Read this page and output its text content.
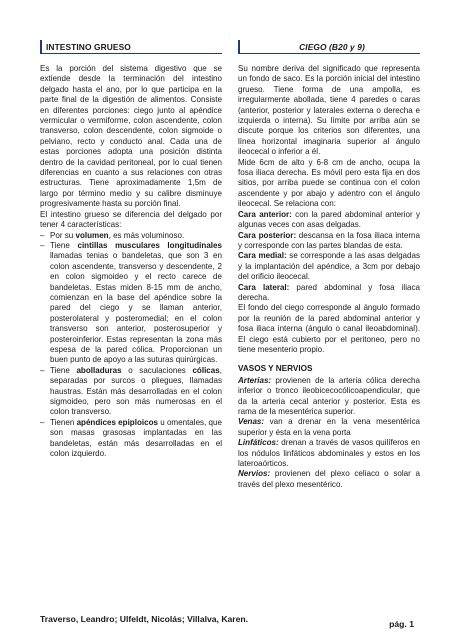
INTESTINO GRUESO

Es la porción del sistema digestivo que se extiende desde la terminación del intestino delgado hasta el ano, por lo que participa en la parte final de la digestión de alimentos. Consiste en diferentes porciones: ciego junto al apéndice vermicular o vermiforme, colon ascendente, colon transverso, colon descendente, colon sigmoide o pelviano, recto y conducto anal. Cada una de estas porciones adopta una posición distinta dentro de la cavidad peritoneal, por lo cual tienen diferencias en cuanto a sus relaciones con otras estructuras. Tiene aproximadamente 1,5m de largo por término medio y su calibre disminuye progresivamente hasta su porción final.

El intestino grueso se diferencia del delgado por tener 4 características:

– Por su volumen, es más voluminoso.
– Tiene cintillas musculares longitudinales llamadas tenias o bandeletas, que son 3 en colon ascendente, transverso y descendente, 2 en colon sigmoideo y el recto carece de bandeletas. Estas miden 8-15 mm de ancho, comienzan en la base del apéndice sobre la pared del ciego y se llaman anterior, posterolateral y posteromedial; en el colon transverso son anterior, posterosuperior y posteroinferior. Estas representan la zona más espesa de la pared cólica. Proporcionan un buen punto de apoyo a las suturas quirúrgicas.
– Tiene abolladuras o saculaciones cólicas, separadas por surcos o pliegues, llamadas haustras. Están más desarrolladas en el colon sigmoideo, pero son más numerosas en el colon transverso.
– Tienen apéndices epiploicos u omentales, que son masas grasosas implantadas en las bandeletas, están más desarrolladas en el colon izquierdo.
CIEGO (B20 y 9)

Su nombre deriva del significado que representa un fondo de saco. Es la porción inicial del intestino grueso. Tiene forma de una ampolla, es irregularmente abollada, tiene 4 paredes o caras (anterior, posterior y laterales externa o derecha e izquierda o interna). Su límite por arriba aún se discute porque los criterios son diferentes, una línea horizontal imaginaria superior al ángulo ileocecal o inferior a él.

Mide 6cm de alto y 6-8 cm de ancho, ocupa la fosa iliaca derecha. Es móvil pero esta fija en dos sitios, por arriba puede se continua con el colon ascendente y por abajo y adentro con el ángulo ileocecal. Se relaciona con:

Cara anterior: con la pared abdominal anterior y algunas veces con asas delgadas.

Cara posterior: descansa en la fosa iliaca interna y corresponde con las partes blandas de esta.

Cara medial: se corresponde a las asas delgadas y la implantación del apéndice, a 3cm por debajo del orificio ileocecal.

Cara lateral: pared abdominal y fosa iliaca derecha.

El fondo del ciego corresponde al ángulo formado por la reunión de la pared abdominal anterior y fosa iliaca interna (ángulo o canal ileoabdominal). El ciego está cubierto por el peritoneo, pero no tiene mesenterio propio.

VASOS Y NERVIOS

Arterias: provienen de la arteria cólica derecha inferior o tronco ileobicecocólicoapendicular, que da la arteria cecal anterior y posterior. Esta es rama de la mesentérica superior.

Venas: van a drenar en la vena mesentérica superior y ésta en la vena porta

Linfáticos: drenan a través de vasos quilíferos en los nódulos linfáticos abdominales y estos en los lateroaórticos.

Nervios: provienen del plexo celiaco o solar a través del plexo mesentérico.

Traverso, Leandro; Ulfeldt, Nicolás; Villalva, Karen.	pág. 1
